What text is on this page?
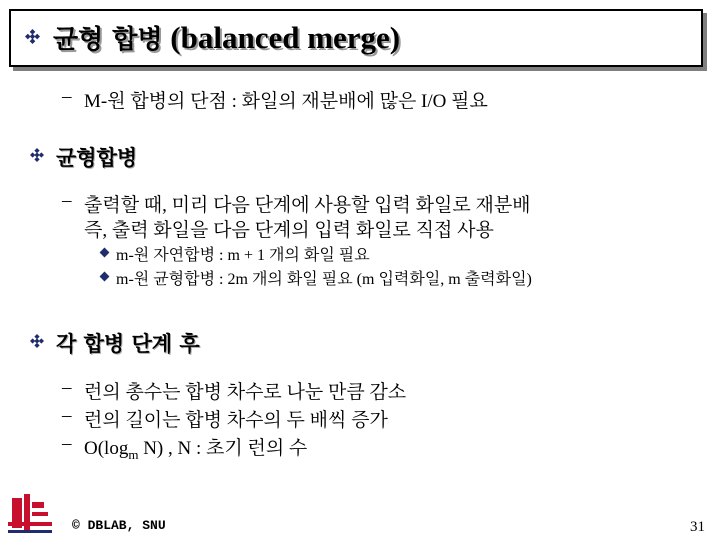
균형 합병 (balanced merge)
– M-원 합병의 단점 : 화일의 재분배에 많은 I/O 필요
균형합병
– 출력할 때, 미리 다음 단계에 사용할 입력 화일로 재분배
즉, 출력 화일을 다음 단계의 입력 화일로 직접 사용
m-원 자연합병 : m + 1 개의 화일 필요
m-원 균형합병 : 2m 개의 화일 필요 (m 입력화일, m 출력화일)
각 합병 단계 후
– 런의 총수는 합병 차수로 나눈 만큼 감소
– 런의 길이는 합병 차수의 두 배씩 증가
– $O(\log_m$ N) , N : 초기 런의 수
© DBLAB, SNU	31
